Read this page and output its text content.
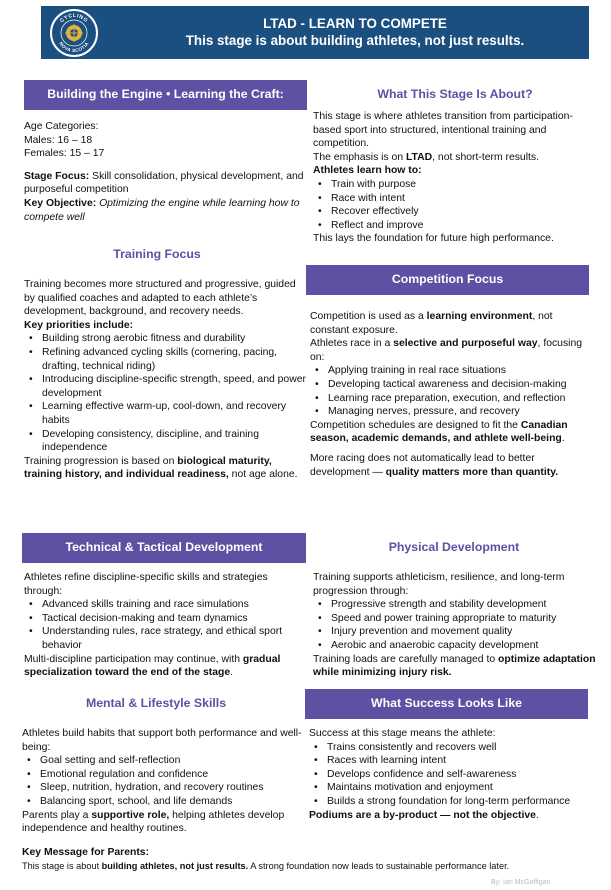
CYCLING
NOVA SCOTIA
LTAD - LEARN TO COMPETE
This stage is about building athletes, not just results.
Building the Engine • Learning the Craft:

Age Categories:

Males: 16 – 18

Females: 15 – 17

Stage Focus: Skill consolidation, physical development, and purposeful competition

Key Objective: Optimizing the engine while learning how to compete well

What This Stage Is About?

This stage is where athletes transition from participation-based sport into structured, intentional training and competition.

The emphasis is on LTAD, not short-term results.

Athletes learn how to:

• Train with purpose
• Race with intent
• Recover effectively
• Reflect and improve

This lays the foundation for future high performance.

Training Focus

Training becomes more structured and progressive, guided by qualified coaches and adapted to each athlete’s development, background, and recovery needs.

Key priorities include:

• Building strong aerobic fitness and durability
• Refining advanced cycling skills (cornering, pacing, drafting, technical riding)
• Introducing discipline-specific strength, speed, and power development
• Learning effective warm-up, cool-down, and recovery habits
• Developing consistency, discipline, and training independence

Training progression is based on biological maturity, training history, and individual readiness, not age alone.

Competition Focus

Competition is used as a learning environment, not constant exposure.

Athletes race in a selective and purposeful way, focusing on:

• Applying training in real race situations
• Developing tactical awareness and decision-making
• Learning race preparation, execution, and reflection
• Managing nerves, pressure, and recovery

Competition schedules are designed to fit the Canadian season, academic demands, and athlete well-being.

More racing does not automatically lead to better development — quality matters more than quantity.

Technical & Tactical Development

Athletes refine discipline-specific skills and strategies through:

• Advanced skills training and race simulations
• Tactical decision-making and team dynamics
• Understanding rules, race strategy, and ethical sport behavior

Multi-discipline participation may continue, with gradual specialization toward the end of the stage.

Physical Development

Training supports athleticism, resilience, and long-term progression through:

• Progressive strength and stability development
• Speed and power training appropriate to maturity
• Injury prevention and movement quality
• Aerobic and anaerobic capacity development

Training loads are carefully managed to optimize adaptation while minimizing injury risk.

Mental & Lifestyle Skills

Athletes build habits that support both performance and well-being:

• Goal setting and self-reflection
• Emotional regulation and confidence
• Sleep, nutrition, hydration, and recovery routines
• Balancing sport, school, and life demands

Parents play a supportive role, helping athletes develop independence and healthy routines.

What Success Looks Like

Success at this stage means the athlete:

• Trains consistently and recovers well
• Races with learning intent
• Develops confidence and self-awareness
• Maintains motivation and enjoyment
• Builds a strong foundation for long-term performance

Podiums are a by-product — not the objective.

Key Message for Parents:
This stage is about building athletes, not just results. A strong foundation now leads to sustainable performance later.
By: Ian McGaffigan
